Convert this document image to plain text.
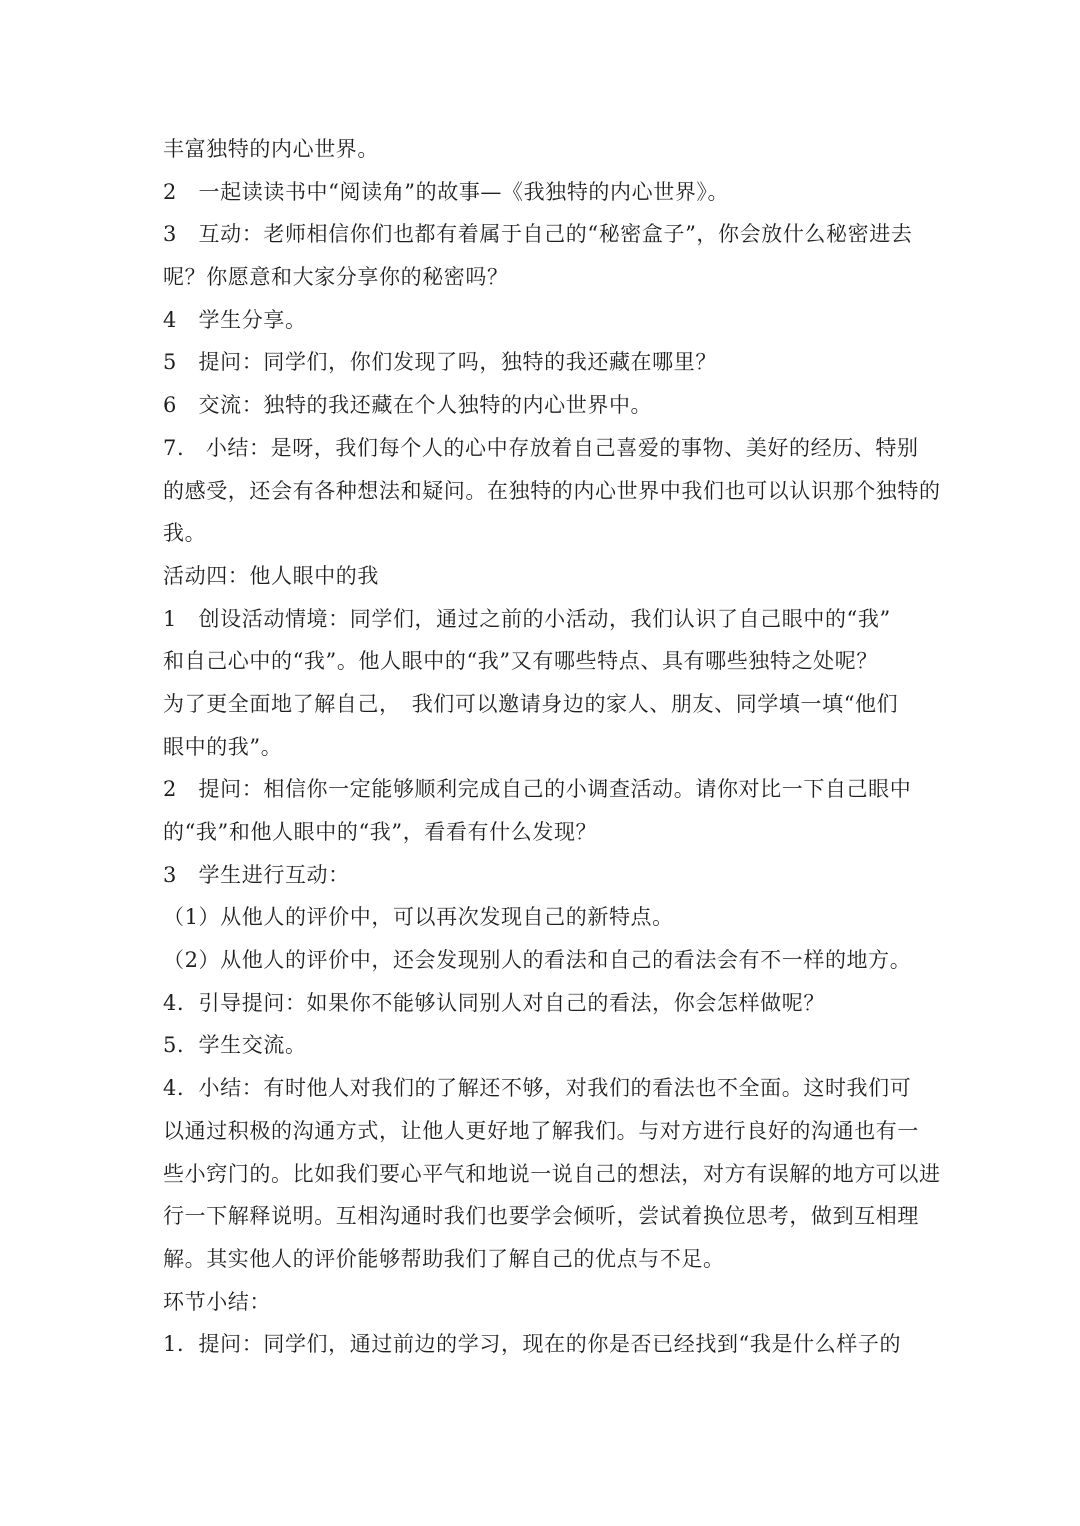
丰富独特的内心世界。
2　一起读读书中“阅读角”的故事—《我独特的内心世界》。
3　互动：老师相信你们也都有着属于自己的“秘密盒子”，你会放什么秘密进去
呢？你愿意和大家分享你的秘密吗？
4　学生分享。
5　提问：同学们，你们发现了吗，独特的我还藏在哪里？
6　交流：独特的我还藏在个人独特的内心世界中。
7.　小结：是呀，我们每个人的心中存放着自己喜爱的事物、美好的经历、特别
的感受，还会有各种想法和疑问。在独特的内心世界中我们也可以认识那个独特的
我。
活动四：他人眼中的我
1　创设活动情境：同学们，通过之前的小活动，我们认识了自己眼中的“我”
和自己心中的“我”。他人眼中的“我”又有哪些特点、具有哪些独特之处呢？
为了更全面地了解自己，　我们可以邀请身边的家人、朋友、同学填一填“他们
眼中的我”。
2　提问：相信你一定能够顺利完成自己的小调查活动。请你对比一下自己眼中
的“我”和他人眼中的“我”，看看有什么发现？
3　学生进行互动：
（1）从他人的评价中，可以再次发现自己的新特点。
（2）从他人的评价中，还会发现别人的看法和自己的看法会有不一样的地方。
4．引导提问：如果你不能够认同别人对自己的看法，你会怎样做呢？
5．学生交流。
4．小结：有时他人对我们的了解还不够，对我们的看法也不全面。这时我们可
以通过积极的沟通方式，让他人更好地了解我们。与对方进行良好的沟通也有一
些小窍门的。比如我们要心平气和地说一说自己的想法，对方有误解的地方可以进
行一下解释说明。互相沟通时我们也要学会倾听，尝试着换位思考，做到互相理
解。其实他人的评价能够帮助我们了解自己的优点与不足。
环节小结：
1．提问：同学们，通过前边的学习，现在的你是否已经找到“我是什么样子的
